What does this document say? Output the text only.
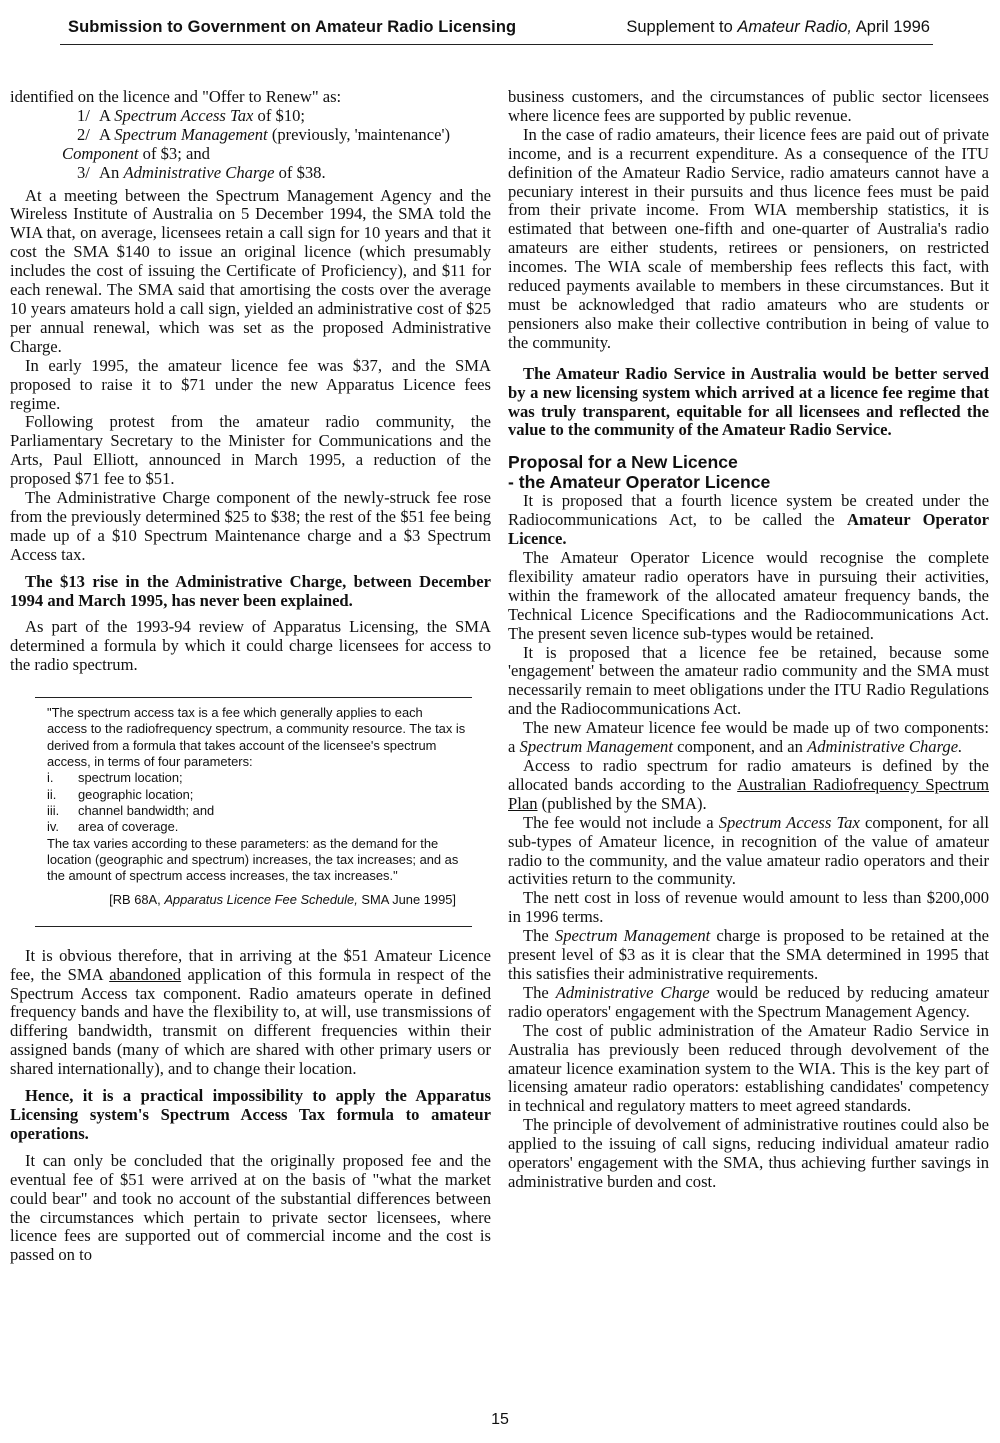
Submission to Government on Amateur Radio Licensing	Supplement to Amateur Radio, April 1996

identified on the licence and "Offer to Renew" as:

1/ A Spectrum Access Tax of $10;

2/ A Spectrum Management (previously, 'maintenance') Component of $3; and

3/ An Administrative Charge of $38.

At a meeting between the Spectrum Management Agency and the Wireless Institute of Australia on 5 December 1994, the SMA told the WIA that, on average, licensees retain a call sign for 10 years and that it cost the SMA $140 to issue an original licence (which presumably includes the cost of issuing the Certificate of Proficiency), and $11 for each renewal. The SMA said that amortising the costs over the average 10 years amateurs hold a call sign, yielded an administrative cost of $25 per annual renewal, which was set as the proposed Administrative Charge.

In early 1995, the amateur licence fee was $37, and the SMA proposed to raise it to $71 under the new Apparatus Licence fees regime.

Following protest from the amateur radio community, the Parliamentary Secretary to the Minister for Communications and the Arts, Paul Elliott, announced in March 1995, a reduction of the proposed $71 fee to $51.

The Administrative Charge component of the newly-struck fee rose from the previously determined $25 to $38; the rest of the $51 fee being made up of a $10 Spectrum Maintenance charge and a $3 Spectrum Access tax.

The $13 rise in the Administrative Charge, between December 1994 and March 1995, has never been explained.

As part of the 1993-94 review of Apparatus Licensing, the SMA determined a formula by which it could charge licensees for access to the radio spectrum.

"The spectrum access tax is a fee which generally applies to each access to the radiofrequency spectrum, a community resource. The tax is derived from a formula that takes account of the licensee's spectrum access, in terms of four parameters:
i.	spectrum location;
ii.	geographic location;
iii.	channel bandwidth; and
iv.	area of coverage.
The tax varies according to these parameters: as the demand for the location (geographic and spectrum) increases, the tax increases; and as the amount of spectrum access increases, the tax increases."
[RB 68A, Apparatus Licence Fee Schedule, SMA June 1995]

It is obvious therefore, that in arriving at the $51 Amateur Licence fee, the SMA abandoned application of this formula in respect of the Spectrum Access tax component. Radio amateurs operate in defined frequency bands and have the flexibility to, at will, use transmissions of differing bandwidth, transmit on different frequencies within their assigned bands (many of which are shared with other primary users or shared internationally), and to change their location.

Hence, it is a practical impossibility to apply the Apparatus Licensing system's Spectrum Access Tax formula to amateur operations.

It can only be concluded that the originally proposed fee and the eventual fee of $51 were arrived at on the basis of "what the market could bear" and took no account of the substantial differences between the circumstances which pertain to private sector licensees, where licence fees are supported out of commercial income and the cost is passed on to

business customers, and the circumstances of public sector licensees where licence fees are supported by public revenue.

In the case of radio amateurs, their licence fees are paid out of private income, and is a recurrent expenditure. As a consequence of the ITU definition of the Amateur Radio Service, radio amateurs cannot have a pecuniary interest in their pursuits and thus licence fees must be paid from their private income. From WIA membership statistics, it is estimated that between one-fifth and one-quarter of Australia's radio amateurs are either students, retirees or pensioners, on restricted incomes. The WIA scale of membership fees reflects this fact, with reduced payments available to members in these circumstances. But it must be acknowledged that radio amateurs who are students or pensioners also make their collective contribution in being of value to the community.

The Amateur Radio Service in Australia would be better served by a new licensing system which arrived at a licence fee regime that was truly transparent, equitable for all licensees and reflected the value to the community of the Amateur Radio Service.

Proposal for a New Licence
- the Amateur Operator Licence

It is proposed that a fourth licence system be created under the Radiocommunications Act, to be called the Amateur Operator Licence.

The Amateur Operator Licence would recognise the complete flexibility amateur radio operators have in pursuing their activities, within the framework of the allocated amateur frequency bands, the Technical Licence Specifications and the Radiocommunications Act. The present seven licence sub-types would be retained.

It is proposed that a licence fee be retained, because some 'engagement' between the amateur radio community and the SMA must necessarily remain to meet obligations under the ITU Radio Regulations and the Radiocommunications Act.

The new Amateur licence fee would be made up of two components: a Spectrum Management component, and an Administrative Charge.

Access to radio spectrum for radio amateurs is defined by the allocated bands according to the Australian Radiofrequency Spectrum Plan (published by the SMA).

The fee would not include a Spectrum Access Tax component, for all sub-types of Amateur licence, in recognition of the value of amateur radio to the community, and the value amateur radio operators and their activities return to the community.

The nett cost in loss of revenue would amount to less than $200,000 in 1996 terms.

The Spectrum Management charge is proposed to be retained at the present level of $3 as it is clear that the SMA determined in 1995 that this satisfies their administrative requirements.

The Administrative Charge would be reduced by reducing amateur radio operators' engagement with the Spectrum Management Agency.

The cost of public administration of the Amateur Radio Service in Australia has previously been reduced through devolvement of the amateur licence examination system to the WIA. This is the key part of licensing amateur radio operators: establishing candidates' competency in technical and regulatory matters to meet agreed standards.

The principle of devolvement of administrative routines could also be applied to the issuing of call signs, reducing individual amateur radio operators' engagement with the SMA, thus achieving further savings in administrative burden and cost.

15
